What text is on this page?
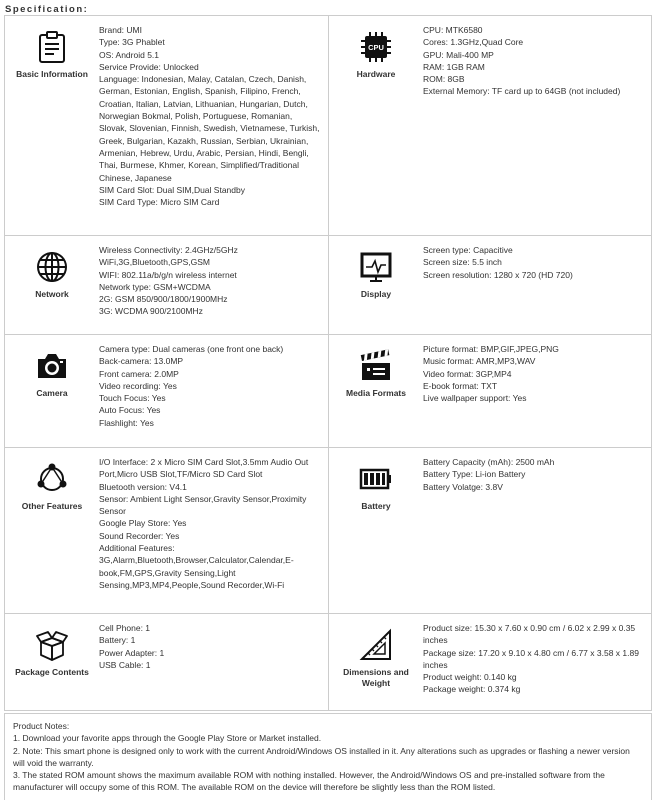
Specification:
Basic Information
Brand: UMI
Type: 3G Phablet
OS: Android 5.1
Service Provide: Unlocked
Language: Indonesian, Malay, Catalan, Czech, Danish, German, Estonian, English, Spanish, Filipino, French, Croatian, Italian, Latvian, Lithuanian, Hungarian, Dutch, Norwegian Bokmal, Polish, Portuguese, Romanian, Slovak, Slovenian, Finnish, Swedish, Vietnamese, Turkish, Greek, Bulgarian, Kazakh, Russian, Serbian, Ukrainian, Armenian, Hebrew, Urdu, Arabic, Persian, Hindi, Bengli, Thai, Burmese, Khmer, Korean, Simplified/Traditional Chinese, Japanese
SIM Card Slot: Dual SIM,Dual Standby
SIM Card Type: Micro SIM Card
CPU
Hardware
CPU: MTK6580
Cores: 1.3GHz,Quad Core
GPU: Mali-400 MP
RAM: 1GB RAM
ROM: 8GB
External Memory: TF card up to 64GB (not included)
Network
Wireless Connectivity: 2.4GHz/5GHz
WiFi,3G,Bluetooth,GPS,GSM
WIFI: 802.11a/b/g/n wireless internet
Network type: GSM+WCDMA
2G: GSM 850/900/1800/1900MHz
3G: WCDMA 900/2100MHz
Display
Screen type: Capacitive
Screen size: 5.5 inch
Screen resolution: 1280 x 720 (HD 720)
Camera
Camera type: Dual cameras (one front one back)
Back-camera: 13.0MP
Front camera: 2.0MP
Video recording: Yes
Touch Focus: Yes
Auto Focus: Yes
Flashlight: Yes
Media Formats
Picture format: BMP,GIF,JPEG,PNG
Music format: AMR,MP3,WAV
Video format: 3GP,MP4
E-book format: TXT
Live wallpaper support: Yes
Other Features
I/O Interface: 2 x Micro SIM Card Slot,3.5mm Audio Out Port,Micro USB Slot,TF/Micro SD Card Slot
Bluetooth version: V4.1
Sensor: Ambient Light Sensor,Gravity Sensor,Proximity Sensor
Google Play Store: Yes
Sound Recorder: Yes
Additional Features:
3G,Alarm,Bluetooth,Browser,Calculator,Calendar,E-book,FM,GPS,Gravity Sensing,Light Sensing,MP3,MP4,People,Sound Recorder,Wi-Fi
Battery
Battery Capacity (mAh): 2500 mAh
Battery Type: Li-ion Battery
Battery Volatge: 3.8V
Package Contents
Cell Phone: 1
Battery: 1
Power Adapter: 1
USB Cable: 1
Dimensions and Weight
Product size: 15.30 x 7.60 x 0.90 cm / 6.02 x 2.99 x 0.35 inches
Package size: 17.20 x 9.10 x 4.80 cm / 6.77 x 3.58 x 1.89 inches
Product weight: 0.140 kg
Package weight: 0.374 kg
Product Notes:
1. Download your favorite apps through the Google Play Store or Market installed.
2. Note: This smart phone is designed only to work with the current Android/Windows OS installed in it. Any alterations such as upgrades or flashing a newer version will void the warranty.
3. The stated ROM amount shows the maximum available ROM with nothing installed. However, the Android/Windows OS and pre-installed software from the manufacturer will occupy some of this ROM. The available ROM on the device will therefore be slightly less than the ROM listed.
